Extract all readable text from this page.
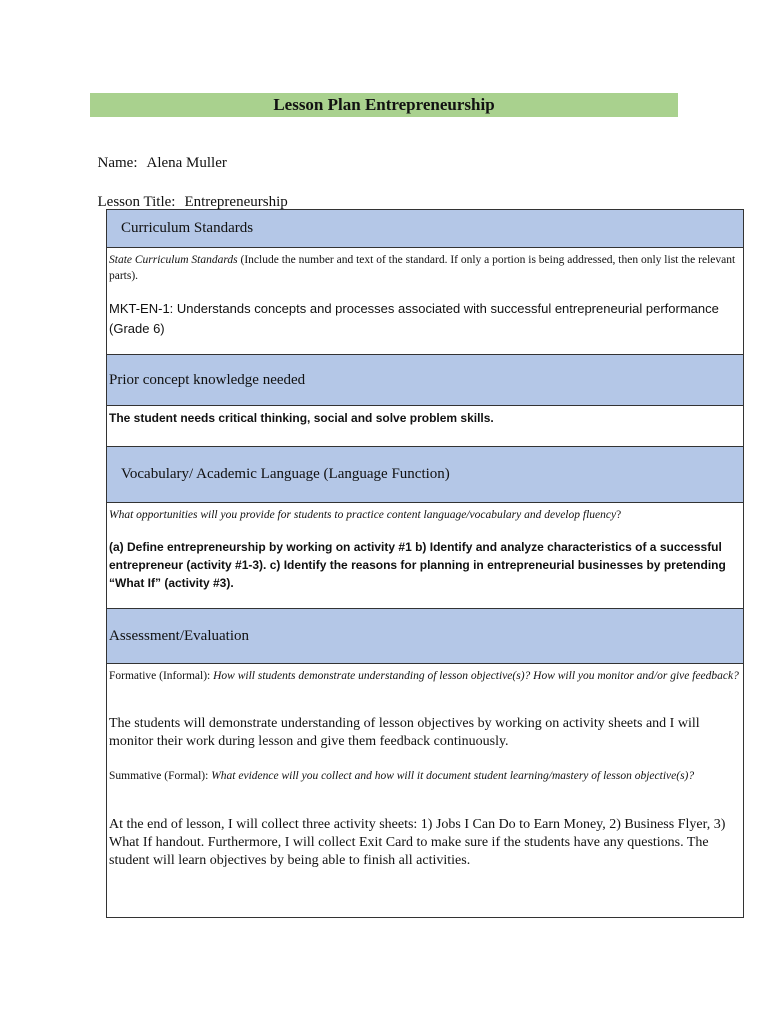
Lesson Plan Entrepreneurship

Name: Alena Muller

Lesson Title: Entrepreneurship

Curriculum Standards

State Curriculum Standards (Include the number and text of the standard. If only a portion is being addressed, then only list the relevant parts).

MKT-EN-1: Understands concepts and processes associated with successful entrepreneurial performance (Grade 6)

Prior concept knowledge needed

The student needs critical thinking, social and solve problem skills.

Vocabulary/ Academic Language (Language Function)

What opportunities will you provide for students to practice content language/vocabulary and develop fluency?

(a) Define entrepreneurship by working on activity #1 b) Identify and analyze characteristics of a successful entrepreneur (activity #1-3). c) Identify the reasons for planning in entrepreneurial businesses by pretending “What If” (activity #3).

Assessment/Evaluation

Formative (Informal): How will students demonstrate understanding of lesson objective(s)? How will you monitor and/or give feedback?

The students will demonstrate understanding of lesson objectives by working on activity sheets and I will monitor their work during lesson and give them feedback continuously.

Summative (Formal): What evidence will you collect and how will it document student learning/mastery of lesson objective(s)?

At the end of lesson, I will collect three activity sheets: 1) Jobs I Can Do to Earn Money, 2) Business Flyer, 3) What If handout. Furthermore, I will collect Exit Card to make sure if the students have any questions. The student will learn objectives by being able to finish all activities.
